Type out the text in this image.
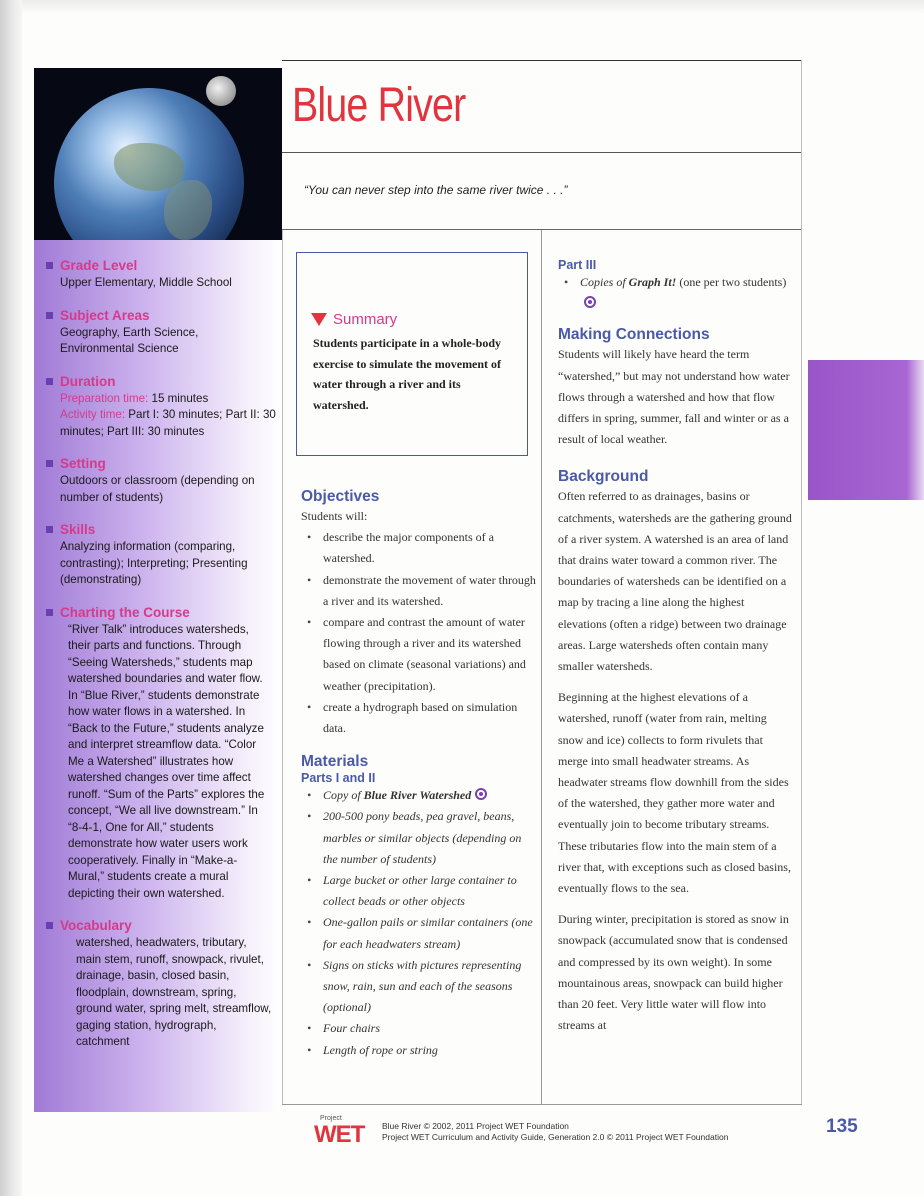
Grade Level
Upper Elementary, Middle School
Subject Areas
Geography, Earth Science, Environmental Science
Duration
Preparation time: 15 minutes
Activity time: Part I: 30 minutes; Part II: 30 minutes; Part III: 30 minutes
Setting
Outdoors or classroom (depending on number of students)
Skills
Analyzing information (comparing, contrasting); Interpreting; Presenting (demonstrating)
Charting the Course
“River Talk” introduces watersheds, their parts and functions. Through “Seeing Watersheds,” students map watershed boundaries and water flow. In “Blue River,” students demonstrate how water flows in a watershed. In “Back to the Future,” students analyze and interpret streamflow data. “Color Me a Watershed” illustrates how watershed changes over time affect runoff. “Sum of the Parts” explores the concept, “We all live downstream.” In “8-4-1, One for All,” students demonstrate how water users work cooperatively. Finally in “Make-a-Mural,” students create a mural depicting their own watershed.
Vocabulary
watershed, headwaters, tributary, main stem, runoff, snowpack, rivulet, drainage, basin, closed basin, floodplain, downstream, spring, ground water, spring melt, streamflow, gaging station, hydrograph, catchment
Blue River
“You can never step into the same river twice . . .”
Summary
Students participate in a whole-body exercise to simulate the movement of water through a river and its watershed.
Objectives
Students will:
• describe the major components of a watershed.
• demonstrate the movement of water through a river and its watershed.
• compare and contrast the amount of water flowing through a river and its watershed based on climate (seasonal variations) and weather (precipitation).
• create a hydrograph based on simulation data.
Materials
Parts I and II
• Copy of Blue River Watershed
• 200-500 pony beads, pea gravel, beans, marbles or similar objects (depending on the number of students)
• Large bucket or other large container to collect beads or other objects
• One-gallon pails or similar containers (one for each headwaters stream)
• Signs on sticks with pictures representing snow, rain, sun and each of the seasons (optional)
• Four chairs
• Length of rope or string
Part III
• Copies of Graph It! (one per two students)
Making Connections
Students will likely have heard the term “watershed,” but may not understand how water flows through a watershed and how that flow differs in spring, summer, fall and winter or as a result of local weather.
Background
Often referred to as drainages, basins or catchments, watersheds are the gathering ground of a river system. A watershed is an area of land that drains water toward a common river. The boundaries of watersheds can be identified on a map by tracing a line along the highest elevations (often a ridge) between two drainage areas. Large watersheds often contain many smaller watersheds.
Beginning at the highest elevations of a watershed, runoff (water from rain, melting snow and ice) collects to form rivulets that merge into small headwater streams. As headwater streams flow downhill from the sides of the watershed, they gather more water and eventually join to become tributary streams. These tributaries flow into the main stem of a river that, with exceptions such as closed basins, eventually flows to the sea.
During winter, precipitation is stored as snow in snowpack (accumulated snow that is condensed and compressed by its own weight). In some mountainous areas, snowpack can build higher than 20 feet. Very little water will flow into streams at
Project
WET Blue River © 2002, 2011 Project WET Foundation
Project WET Curriculum and Activity Guide, Generation 2.0 © 2011 Project WET Foundation	135
